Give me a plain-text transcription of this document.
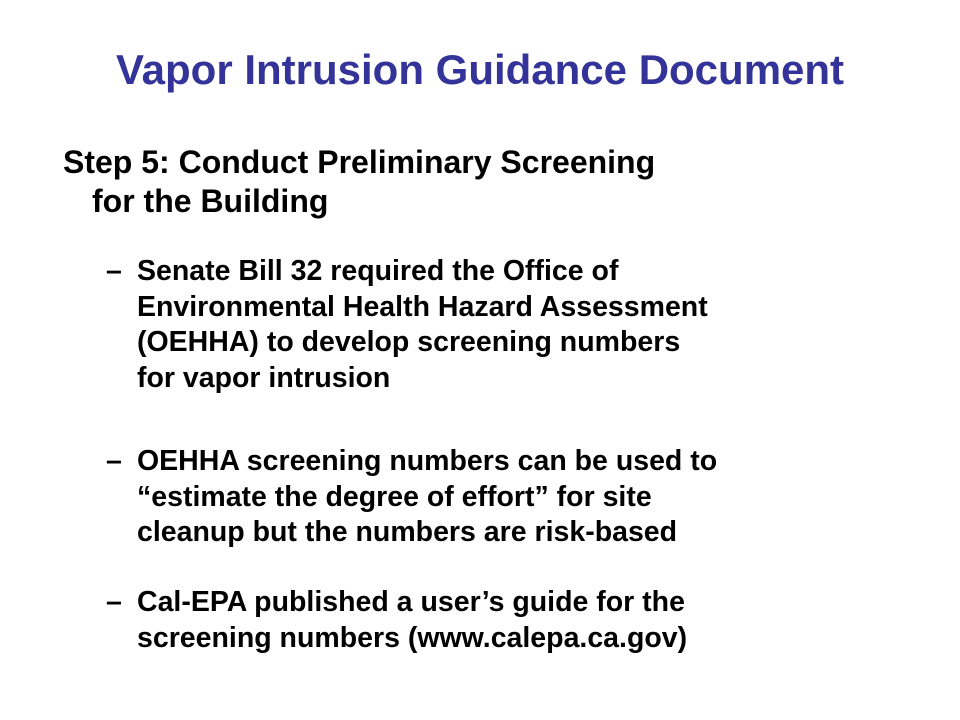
Vapor Intrusion Guidance Document
Step 5: Conduct Preliminary Screening
for the Building
– Senate Bill 32 required the Office of
Environmental Health Hazard Assessment
(OEHHA) to develop screening numbers
for vapor intrusion
– OEHHA screening numbers can be used to
“estimate the degree of effort” for site
cleanup but the numbers are risk-based
– Cal-EPA published a user’s guide for the
screening numbers (www.calepa.ca.gov)
